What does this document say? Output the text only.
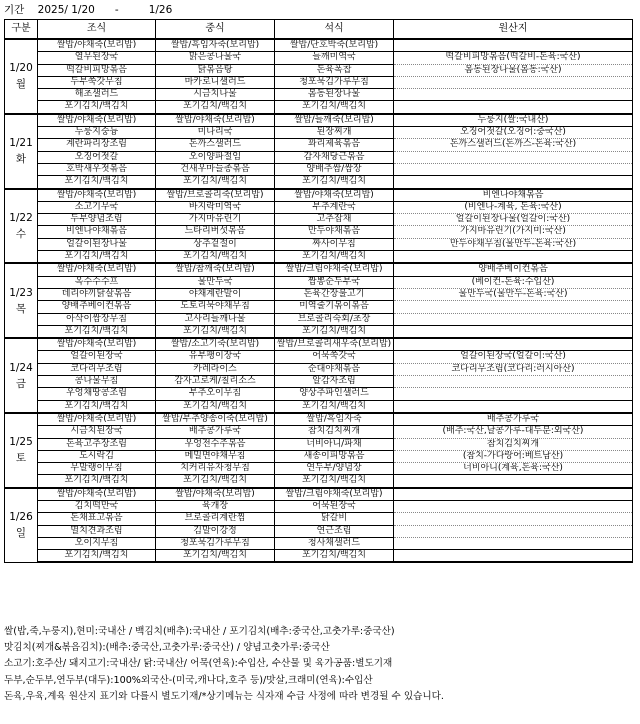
기간 2025/ 1/20 -	1/26
구분	조식	중식	석식	원산지

1/20
월	쌀밥/야채죽(보리밥)	쌀밥/흑임자죽(보리밥)	쌀밥/단호박죽(보리밥)	
	열무된장국	맑은콩나물국	들깨미역국	떡갈비피망볶음(떡갈비-돈육:국산)
	떡갈비피망볶음	닭볶음탕	돈육폭찹	봄동된장나물(봄동:국산)
	두부쑥갓무침	마카로니샐러드	청포묵김가루무침	
	해초샐러드	시금치나물	봄동된장나물	
	포기김치/백김치	포기김치/백김치	포기김치/백김치	

1/21
화	쌀밥/야채죽(보리밥)	쌀밥/야채죽(보리밥)	쌀밥/들깨죽(보리밥)	누룽지(쌀:국내산)
	누룽지숭늉	미나리국	된장찌개	오징어젓갈(오징어:중국산)
	계란파리장조림	돈까스샐러드	꽈리제육볶음	돈까스샐러드(돈까스-돈육:국산)
	오징어젓갈	오이양파절임	감자채당근볶음	
	호박새우젓볶음	건새우마늘종볶음	양배추쌈/쌈장	
	포기김치/백김치	포기김치/백김치	포기김치/백김치	

1/22
수	쌀밥/야채죽(보리밥)	쌀밥/브로콜리죽(보리밥)	쌀밥/야채죽(보리밥)	비엔나야채볶음
	소고기무국	바지락미역국	부추계란국	(비엔나-계육, 돈육:국산)
	두부양념조림	가지마유린기	고추잡채	얼갈이된장나물(얼갈이:국산)
	비엔나야채볶음	느타리버섯볶음	만두야채볶음	가지마유린기(가지미:국산)
	얼갈이된장나물	상추겉절이	짜사이무침	만두야채무침(물만두-돈육:국산)
	포기김치/백김치	포기김치/백김치	포기김치/백김치	

1/23
목	쌀밥/야채죽(보리밥)	쌀밥/참깨죽(보리밥)	쌀밥/크림야채죽(보리밥)	양배추베이컨볶음
	옥수수수프	물만두국	짬뽕순두부국	(베이컨-돈육:수입산)
	데리야끼닭살볶음	야채계란말이	돈육간장불고기	물만두국(물만두-돈육:국산)
	양배추베이컨볶음	도토리묵야채무침	미역줄기볶이볶음	
	아삭이쌈장무침	고사리들깨나물	브로콜리숙회/초장	
	포기김치/백김치	포기김치/백김치	포기김치/백김치	

1/24
금	쌀밥/야채죽(보리밥)	쌀밥/소고기죽(보리밥)	쌀밥/브로콜리새우죽(보리밥)	
	얼갈이된장국	유부팽이장국	어묵쑥갓국	얼갈이된장국(얼갈이:국산)
	코다리무조림	카레라이스	순대야채볶음	코다리무조림(코다리:러시아산)
	콩나물무침	감자고로케/칠리소스	알감자조림	
	우엉채땅콩조림	부추오이무침	양상추파인샐러드	
	포기김치/백김치	포기김치/백김치	포기김치/백김치	

1/25
토	쌀밥/야채죽(보리밥)	쌀밥/부추양송이죽(보리밥)	쌀밥/흑임자죽	배추콩가루국
	시금치된장국	배추콩가루국	참치김치찌개	(배추:국산,날콩가루-대두분:외국산)
	돈육고추장조림	우엉전수주볶음	너비아니/파채	참치김치찌개
	도시락김	메밀면야채무침	새송이피망볶음	(참치-가다랑어:베트남산)
	무말랭이무침	치커리유자청무침	연두부/양념장	너비아니(계육,돈육:국산)
	포기김치/백김치	포기김치/백김치	포기김치/백김치	

1/26
일	쌀밥/야채죽(보리밥)	쌀밥/야채죽(보리밥)	쌀밥/크림야채죽(보리밥)	
	김치떡만국	육개장	어묵된장국	
	돈채표고볶음	브로콜리계란찜	닭갈비	
	멸치견과조림	김말이강정	연근조림	
	오이지무침	청포묵김가루무침	청사채샐러드	
	포기김치/백김치	포기김치/백김치	포기김치/백김치	
쌀(밥,죽,누룽지),현미:국내산 / 백김치(배추):국내산 / 포기김치(배추:중국산,고춧가루:중국산)
맛김치(찌개&볶음김치):(배추:중국산,고춧가루:중국산) / 양념고춧가루:중국산
소고기:호주산/ 돼지고기:국내산/ 닭:국내산/ 어묵(연육):수입산, 수산물 및 육가공품:별도기재
두부,순두부,연두부(대두):100%외국산-(미국,캐나다,호주 등)/맛살,크래미(연육):수입산
돈육,우육,계육 원산지 표기와 다를시 별도기재/*상기메뉴는 식자재 수급 사정에 따라 변경될 수 있습니다.
